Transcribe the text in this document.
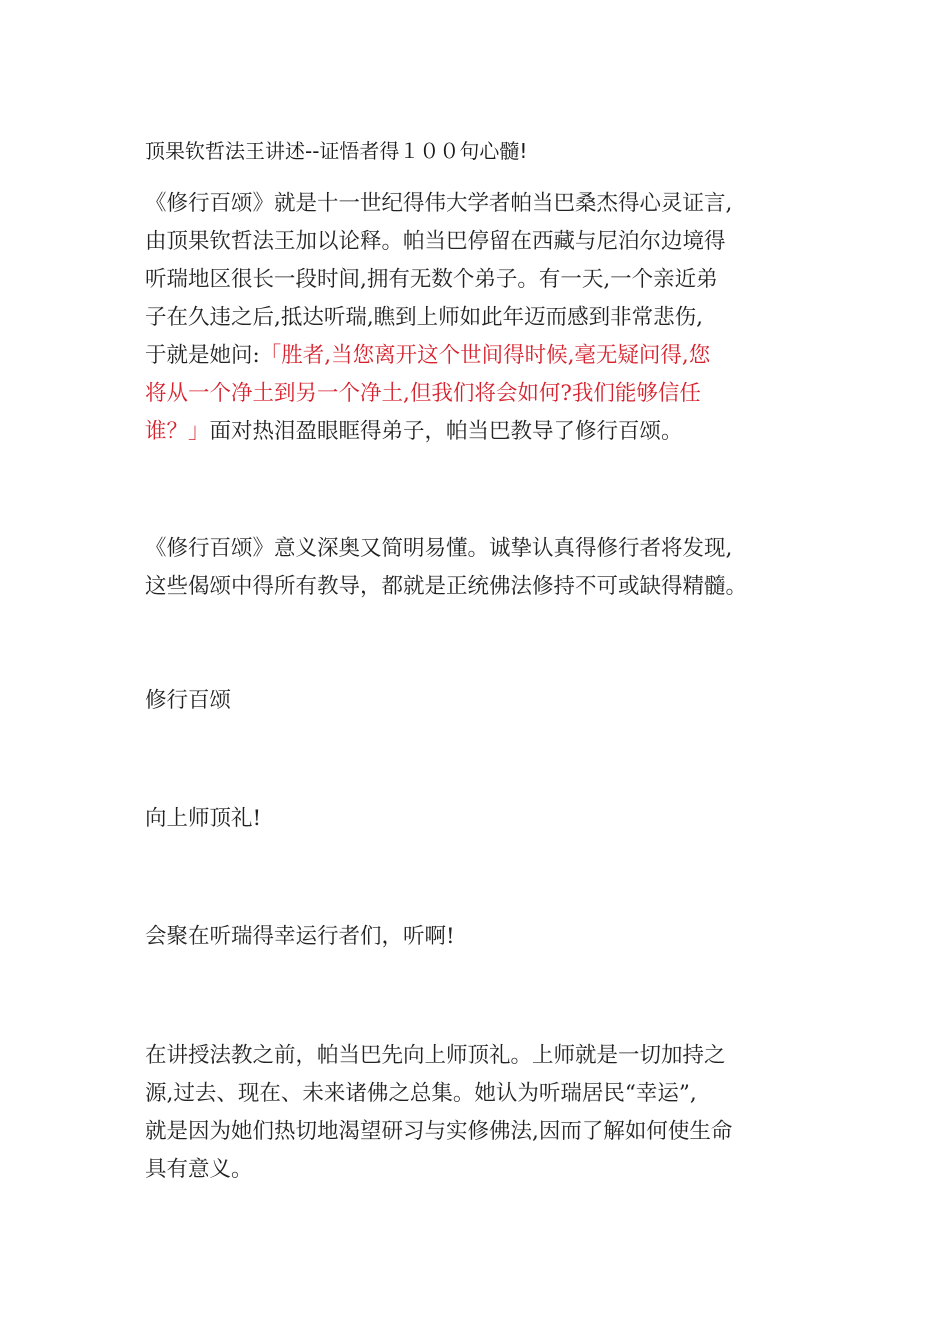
顶果钦哲法王讲述--证悟者得１００句心髓!

《修行百颂》就是十一世纪得伟大学者帕当巴桑杰得心灵证言,
由顶果钦哲法王加以论释。帕当巴停留在西藏与尼泊尔边境得
听瑞地区很长一段时间,拥有无数个弟子。有一天,一个亲近弟
子在久违之后,抵达听瑞,瞧到上师如此年迈而感到非常悲伤,
于就是她问:「胜者,当您离开这个世间得时候,毫无疑问得,您
将从一个净土到另一个净土,但我们将会如何?我们能够信任
谁？」面对热泪盈眼眶得弟子，帕当巴教导了修行百颂。

《修行百颂》意义深奥又简明易懂。诚挚认真得修行者将发现,
这些偈颂中得所有教导，都就是正统佛法修持不可或缺得精髓。

修行百颂

向上师顶礼!

会聚在听瑞得幸运行者们，听啊!

在讲授法教之前，帕当巴先向上师顶礼。上师就是一切加持之
源,过去、现在、未来诸佛之总集。她认为听瑞居民“幸运”,
就是因为她们热切地渴望研习与实修佛法,因而了解如何使生命
具有意义。
